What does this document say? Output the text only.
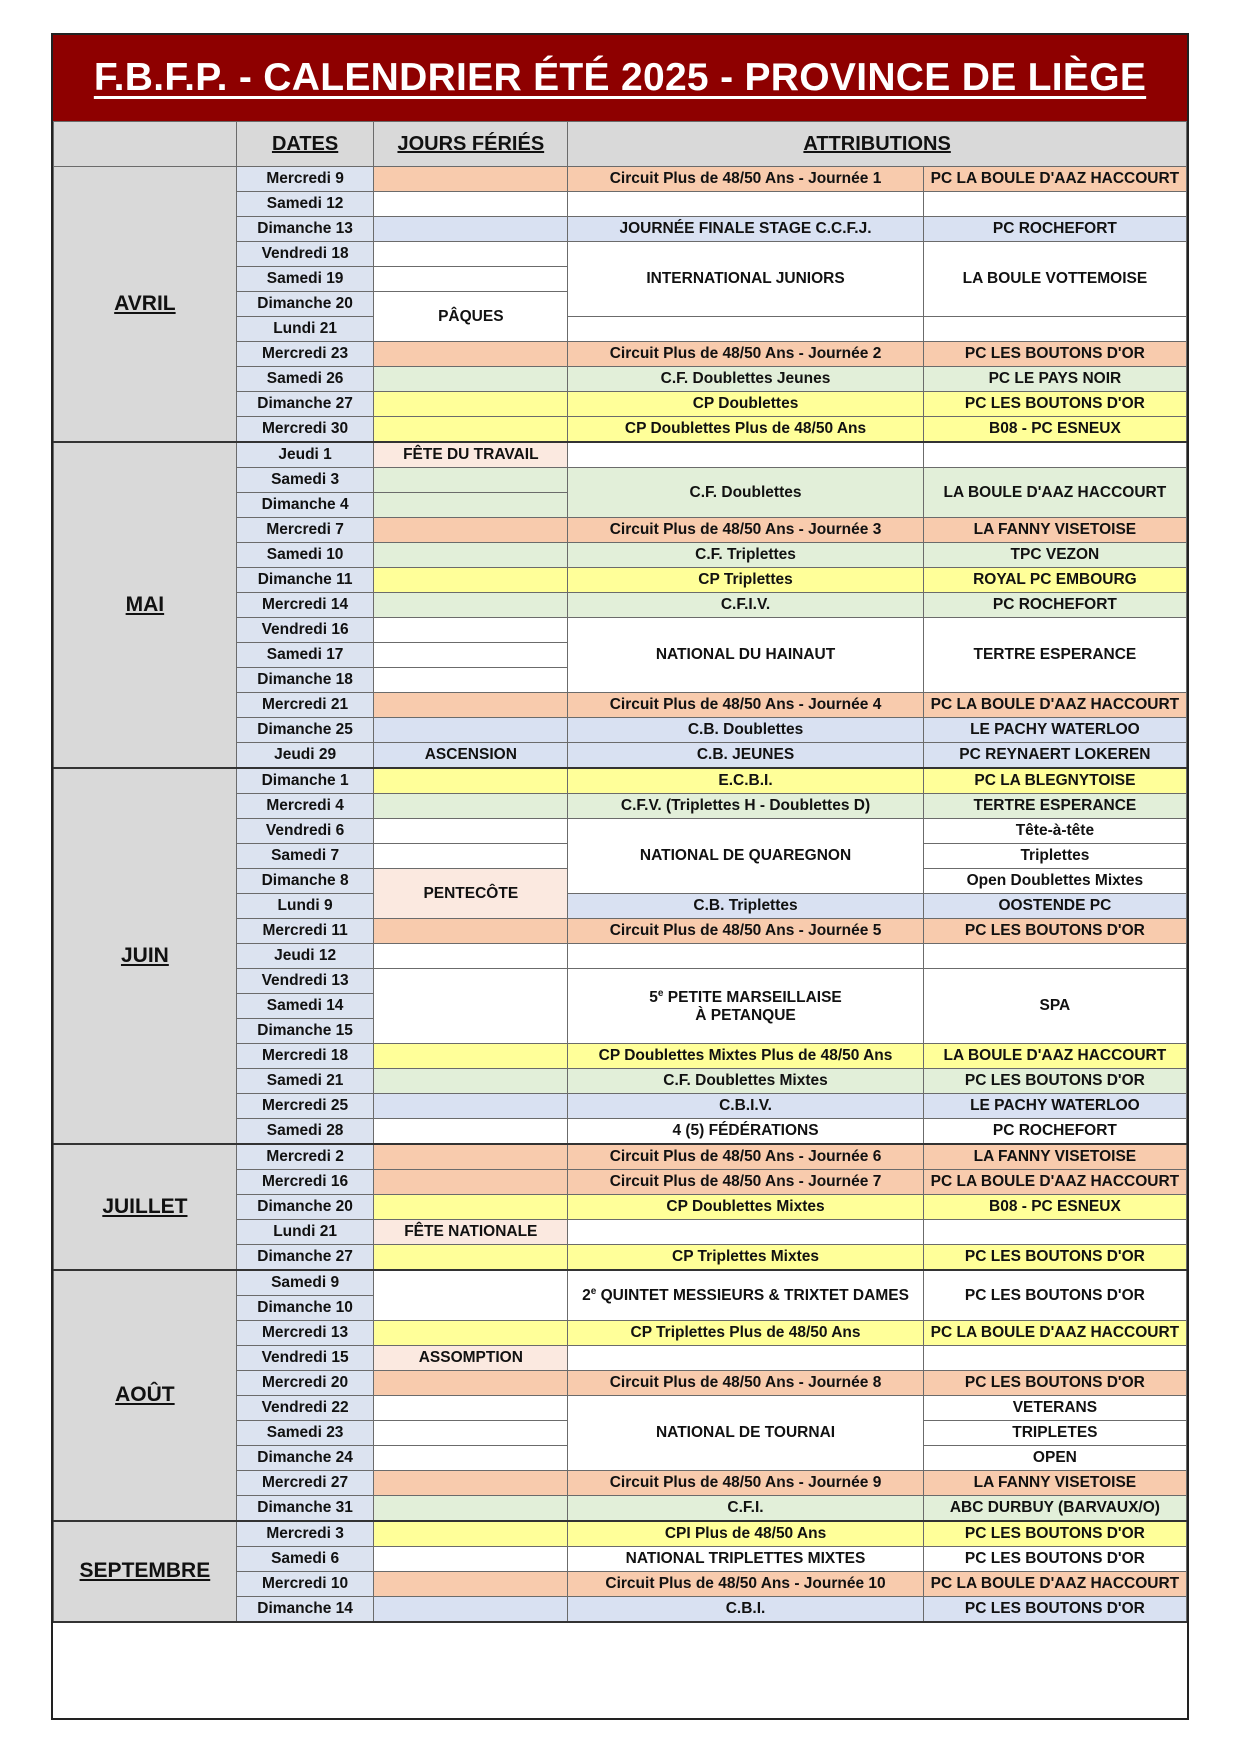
F.B.F.P. - CALENDRIER ÉTÉ 2025 - PROVINCE DE LIÈGE
	DATES	JOURS FÉRIÉS	ATTRIBUTIONS	
AVRIL	Mercredi 9		Circuit Plus de 48/50 Ans - Journée 1	PC LA BOULE D'AAZ HACCOURT
	Samedi 12			
	Dimanche 13		JOURNÉE FINALE STAGE C.C.F.J.	PC ROCHEFORT
	Vendredi 18		INTERNATIONAL JUNIORS	LA BOULE VOTTEMOISE
	Samedi 19			
	Dimanche 20	PÂQUES		
	Lundi 21			
	Mercredi 23		Circuit Plus de 48/50 Ans - Journée 2	PC LES BOUTONS D'OR
	Samedi 26		C.F. Doublettes Jeunes	PC LE PAYS NOIR
	Dimanche 27		CP Doublettes	PC LES BOUTONS D'OR
	Mercredi 30		CP Doublettes Plus de 48/50 Ans	B08 - PC ESNEUX
MAI	Jeudi 1	FÊTE DU TRAVAIL		
	Samedi 3		C.F. Doublettes	LA BOULE D'AAZ HACCOURT
	Dimanche 4			
	Mercredi 7		Circuit Plus de 48/50 Ans - Journée 3	LA FANNY VISETOISE
	Samedi 10		C.F. Triplettes	TPC VEZON
	Dimanche 11		CP Triplettes	ROYAL PC EMBOURG
	Mercredi 14		C.F.I.V.	PC ROCHEFORT
	Vendredi 16		NATIONAL DU HAINAUT	TERTRE ESPERANCE
	Samedi 17			
	Dimanche 18			
	Mercredi 21		Circuit Plus de 48/50 Ans - Journée 4	PC LA BOULE D'AAZ HACCOURT
	Dimanche 25		C.B. Doublettes	LE PACHY WATERLOO
	Jeudi 29	ASCENSION	C.B. JEUNES	PC REYNAERT LOKEREN
JUIN	Dimanche 1		E.C.B.I.	PC LA BLEGNYTOISE
	Mercredi 4		C.F.V. (Triplettes H - Doublettes D)	TERTRE ESPERANCE
	Vendredi 6		NATIONAL DE QUAREGNON	Tête-à-tête
	Samedi 7			Triplettes
	Dimanche 8	PENTECÔTE		Open Doublettes Mixtes
	Lundi 9		C.B. Triplettes	OOSTENDE PC
	Mercredi 11		Circuit Plus de 48/50 Ans - Journée 5	PC LES BOUTONS D'OR
	Jeudi 12			
	Vendredi 13		5e PETITE MARSEILLAISE
À PETANQUE	SPA
	Samedi 14			
	Dimanche 15			
	Mercredi 18		CP Doublettes Mixtes Plus de 48/50 Ans	LA BOULE D'AAZ HACCOURT
	Samedi 21		C.F. Doublettes Mixtes	PC LES BOUTONS D'OR
	Mercredi 25		C.B.I.V.	LE PACHY WATERLOO
	Samedi 28		4 (5) FÉDÉRATIONS	PC ROCHEFORT
JUILLET	Mercredi 2		Circuit Plus de 48/50 Ans - Journée 6	LA FANNY VISETOISE
	Mercredi 16		Circuit Plus de 48/50 Ans - Journée 7	PC LA BOULE D'AAZ HACCOURT
	Dimanche 20		CP Doublettes Mixtes	B08 - PC ESNEUX
	Lundi 21	FÊTE NATIONALE		
	Dimanche 27		CP Triplettes Mixtes	PC LES BOUTONS D'OR
AOÛT	Samedi 9		2e QUINTET MESSIEURS & TRIXTET DAMES	PC LES BOUTONS D'OR
	Dimanche 10			
	Mercredi 13		CP Triplettes Plus de 48/50 Ans	PC LA BOULE D'AAZ HACCOURT
	Vendredi 15	ASSOMPTION		
	Mercredi 20		Circuit Plus de 48/50 Ans - Journée 8	PC LES BOUTONS D'OR
	Vendredi 22		NATIONAL DE TOURNAI	VETERANS
	Samedi 23			TRIPLETES
	Dimanche 24			OPEN
	Mercredi 27		Circuit Plus de 48/50 Ans - Journée 9	LA FANNY VISETOISE
	Dimanche 31		C.F.I.	ABC DURBUY (BARVAUX/O)
SEPTEMBRE	Mercredi 3		CPI Plus de 48/50 Ans	PC LES BOUTONS D'OR
	Samedi 6		NATIONAL TRIPLETTES MIXTES	PC LES BOUTONS D'OR
	Mercredi 10		Circuit Plus de 48/50 Ans - Journée 10	PC LA BOULE D'AAZ HACCOURT
	Dimanche 14		C.B.I.	PC LES BOUTONS D'OR
